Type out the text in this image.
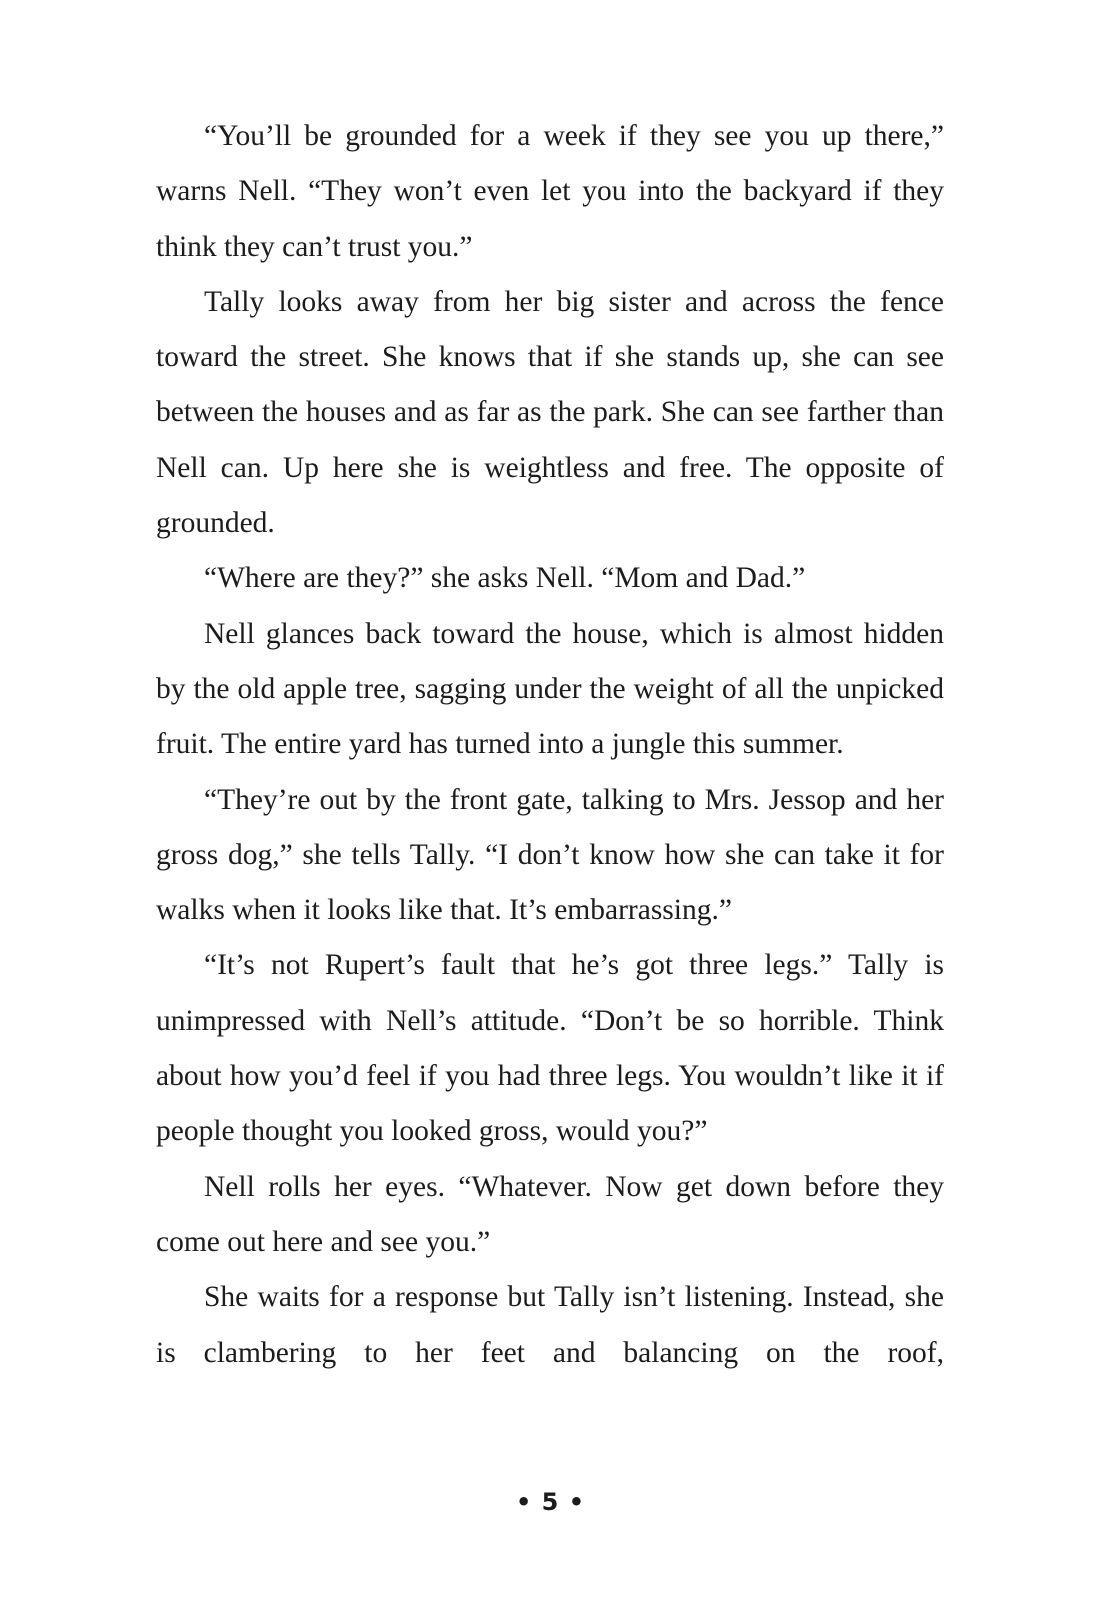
“You’ll be grounded for a week if they see you up there,” warns Nell. “They won’t even let you into the backyard if they think they can’t trust you.”

Tally looks away from her big sister and across the fence toward the street. She knows that if she stands up, she can see between the houses and as far as the park. She can see farther than Nell can. Up here she is weightless and free. The opposite of grounded.

“Where are they?” she asks Nell. “Mom and Dad.”

Nell glances back toward the house, which is almost hidden by the old apple tree, sagging under the weight of all the unpicked fruit. The entire yard has turned into a jungle this summer.

“They’re out by the front gate, talking to Mrs. Jessop and her gross dog,” she tells Tally. “I don’t know how she can take it for walks when it looks like that. It’s embarrassing.”

“It’s not Rupert’s fault that he’s got three legs.” Tally is unimpressed with Nell’s attitude. “Don’t be so horrible. Think about how you’d feel if you had three legs. You wouldn’t like it if people thought you looked gross, would you?”

Nell rolls her eyes. “Whatever. Now get down before they come out here and see you.”

She waits for a response but Tally isn’t listening. Instead, she is clambering to her feet and balancing on the roof,

• 5 •
